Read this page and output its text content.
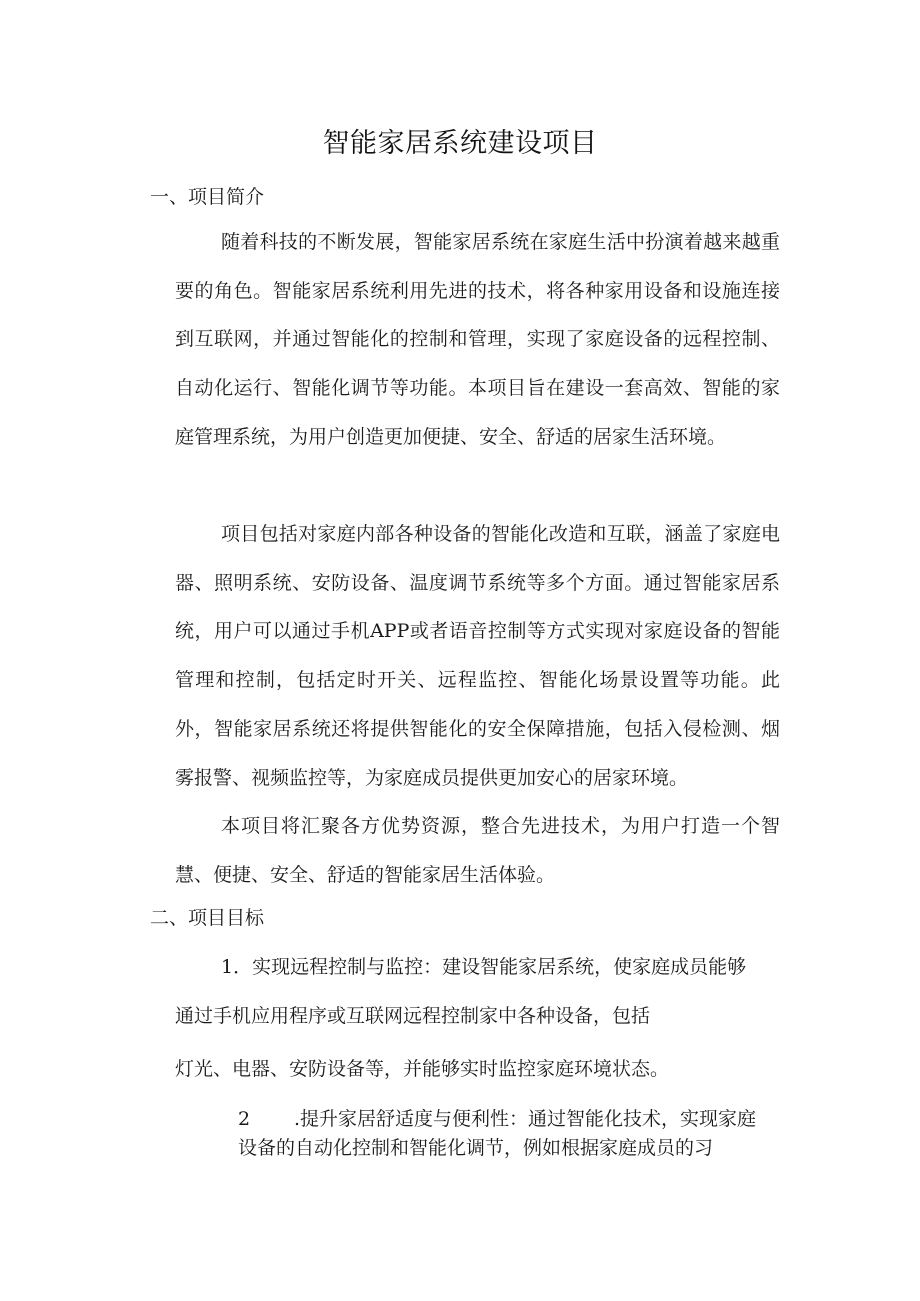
智能家居系统建设项目
一、项目简介

随着科技的不断发展，智能家居系统在家庭生活中扮演着越来越重要的角色。智能家居系统利用先进的技术，将各种家用设备和设施连接到互联网，并通过智能化的控制和管理，实现了家庭设备的远程控制、自动化运行、智能化调节等功能。本项目旨在建设一套高效、智能的家庭管理系统，为用户创造更加便捷、安全、舒适的居家生活环境。

项目包括对家庭内部各种设备的智能化改造和互联，涵盖了家庭电器、照明系统、安防设备、温度调节系统等多个方面。通过智能家居系统，用户可以通过手机APP或者语音控制等方式实现对家庭设备的智能管理和控制，包括定时开关、远程监控、智能化场景设置等功能。此外，智能家居系统还将提供智能化的安全保障措施，包括入侵检测、烟雾报警、视频监控等，为家庭成员提供更加安心的居家环境。

本项目将汇聚各方优势资源，整合先进技术，为用户打造一个智慧、便捷、安全、舒适的智能家居生活体验。

二、项目目标
1．实现远程控制与监控：建设智能家居系统，使家庭成员能够
通过手机应用程序或互联网远程控制家中各种设备，包括
灯光、电器、安防设备等，并能够实时监控家庭环境状态。

2 .提升家居舒适度与便利性：通过智能化技术，实现家庭设备的自动化控制和智能化调节，例如根据家庭成员的习
